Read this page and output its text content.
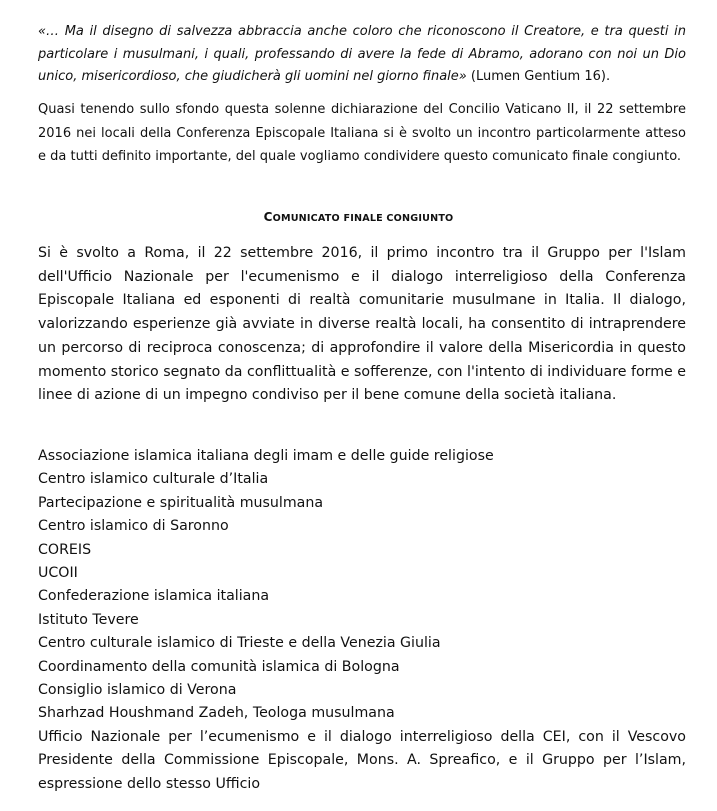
«… Ma il disegno di salvezza abbraccia anche coloro che riconoscono il Creatore, e tra questi in particolare i musulmani, i quali, professando di avere la fede di Abramo, adorano con noi un Dio unico, misericordioso, che giudicherà gli uomini nel giorno finale» (Lumen Gentium 16).

Quasi tenendo sullo sfondo questa solenne dichiarazione del Concilio Vaticano II, il 22 settembre 2016 nei locali della Conferenza Episcopale Italiana si è svolto un incontro particolarmente atteso e da tutti definito importante, del quale vogliamo condividere questo comunicato finale congiunto.

COMUNICATO FINALE CONGIUNTO

Si è svolto a Roma, il 22 settembre 2016, il primo incontro tra il Gruppo per l'Islam dell'Ufficio Nazionale per l'ecumenismo e il dialogo interreligioso della Conferenza Episcopale Italiana ed esponenti di realtà comunitarie musulmane in Italia. Il dialogo, valorizzando esperienze già avviate in diverse realtà locali, ha consentito di intraprendere un percorso di reciproca conoscenza; di approfondire il valore della Misericordia in questo momento storico segnato da conflittualità e sofferenze, con l'intento di individuare forme e linee di azione di un impegno condiviso per il bene comune della società italiana.

Associazione islamica italiana degli imam e delle guide religiose
Centro islamico culturale d’Italia
Partecipazione e spiritualità musulmana
Centro islamico di Saronno
COREIS
UCOII
Confederazione islamica italiana
Istituto Tevere
Centro culturale islamico di Trieste e della Venezia Giulia
Coordinamento della comunità islamica di Bologna
Consiglio islamico di Verona
Sharhzad Houshmand Zadeh, Teologa musulmana
Ufficio Nazionale per l’ecumenismo e il dialogo interreligioso della CEI, con il Vescovo Presidente della Commissione Episcopale, Mons. A. Spreafico, e il Gruppo per l’Islam, espressione dello stesso Ufficio
